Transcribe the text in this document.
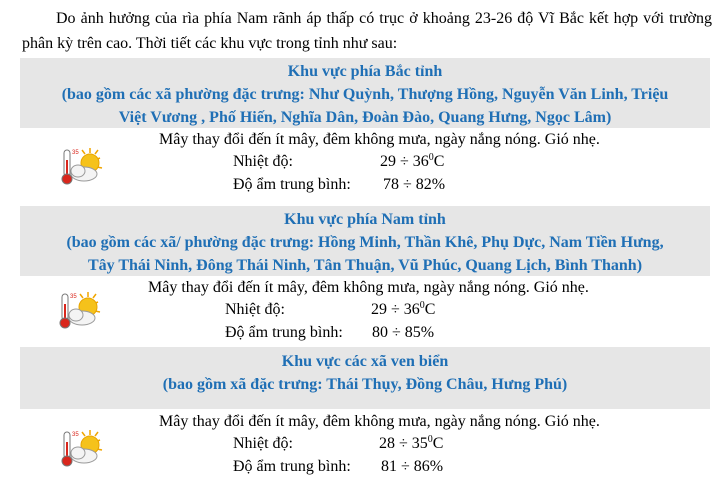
Do ảnh hưởng của rìa phía Nam rãnh áp thấp có trục ở khoảng 23-26 độ Vĩ Bắc kết hợp với trường phân kỳ trên cao. Thời tiết các khu vực trong tỉnh như sau:

Khu vực phía Bắc tỉnh
(bao gồm các xã phường đặc trưng: Như Quỳnh, Thượng Hồng, Nguyễn Văn Linh, Triệu
Việt Vương , Phố Hiến, Nghĩa Dân, Đoàn Đào, Quang Hưng, Ngọc Lâm)
35
Mây thay đổi đến ít mây, đêm không mưa, ngày nắng nóng. Gió nhẹ.
Nhiệt độ:	$29 \div 36^0C$
Độ ẩm trung bình: 78 ÷ 82%
Khu vực phía Nam tỉnh
(bao gồm các xã/ phường đặc trưng: Hồng Minh, Thần Khê, Phụ Dực, Nam Tiền Hưng,
Tây Thái Ninh, Đông Thái Ninh, Tân Thuận, Vũ Phúc, Quang Lịch, Bình Thanh)
35
Mây thay đổi đến ít mây, đêm không mưa, ngày nắng nóng. Gió nhẹ.
Nhiệt độ:	$29 \div 36^0C$
Độ ẩm trung bình: 80 ÷ 85%
Khu vực các xã ven biển
(bao gồm xã đặc trưng: Thái Thụy, Đồng Châu, Hưng Phú)
35
Mây thay đổi đến ít mây, đêm không mưa, ngày nắng nóng. Gió nhẹ.
Nhiệt độ:	$28 \div 35^0C$
Độ ẩm trung bình: 81 ÷ 86%
